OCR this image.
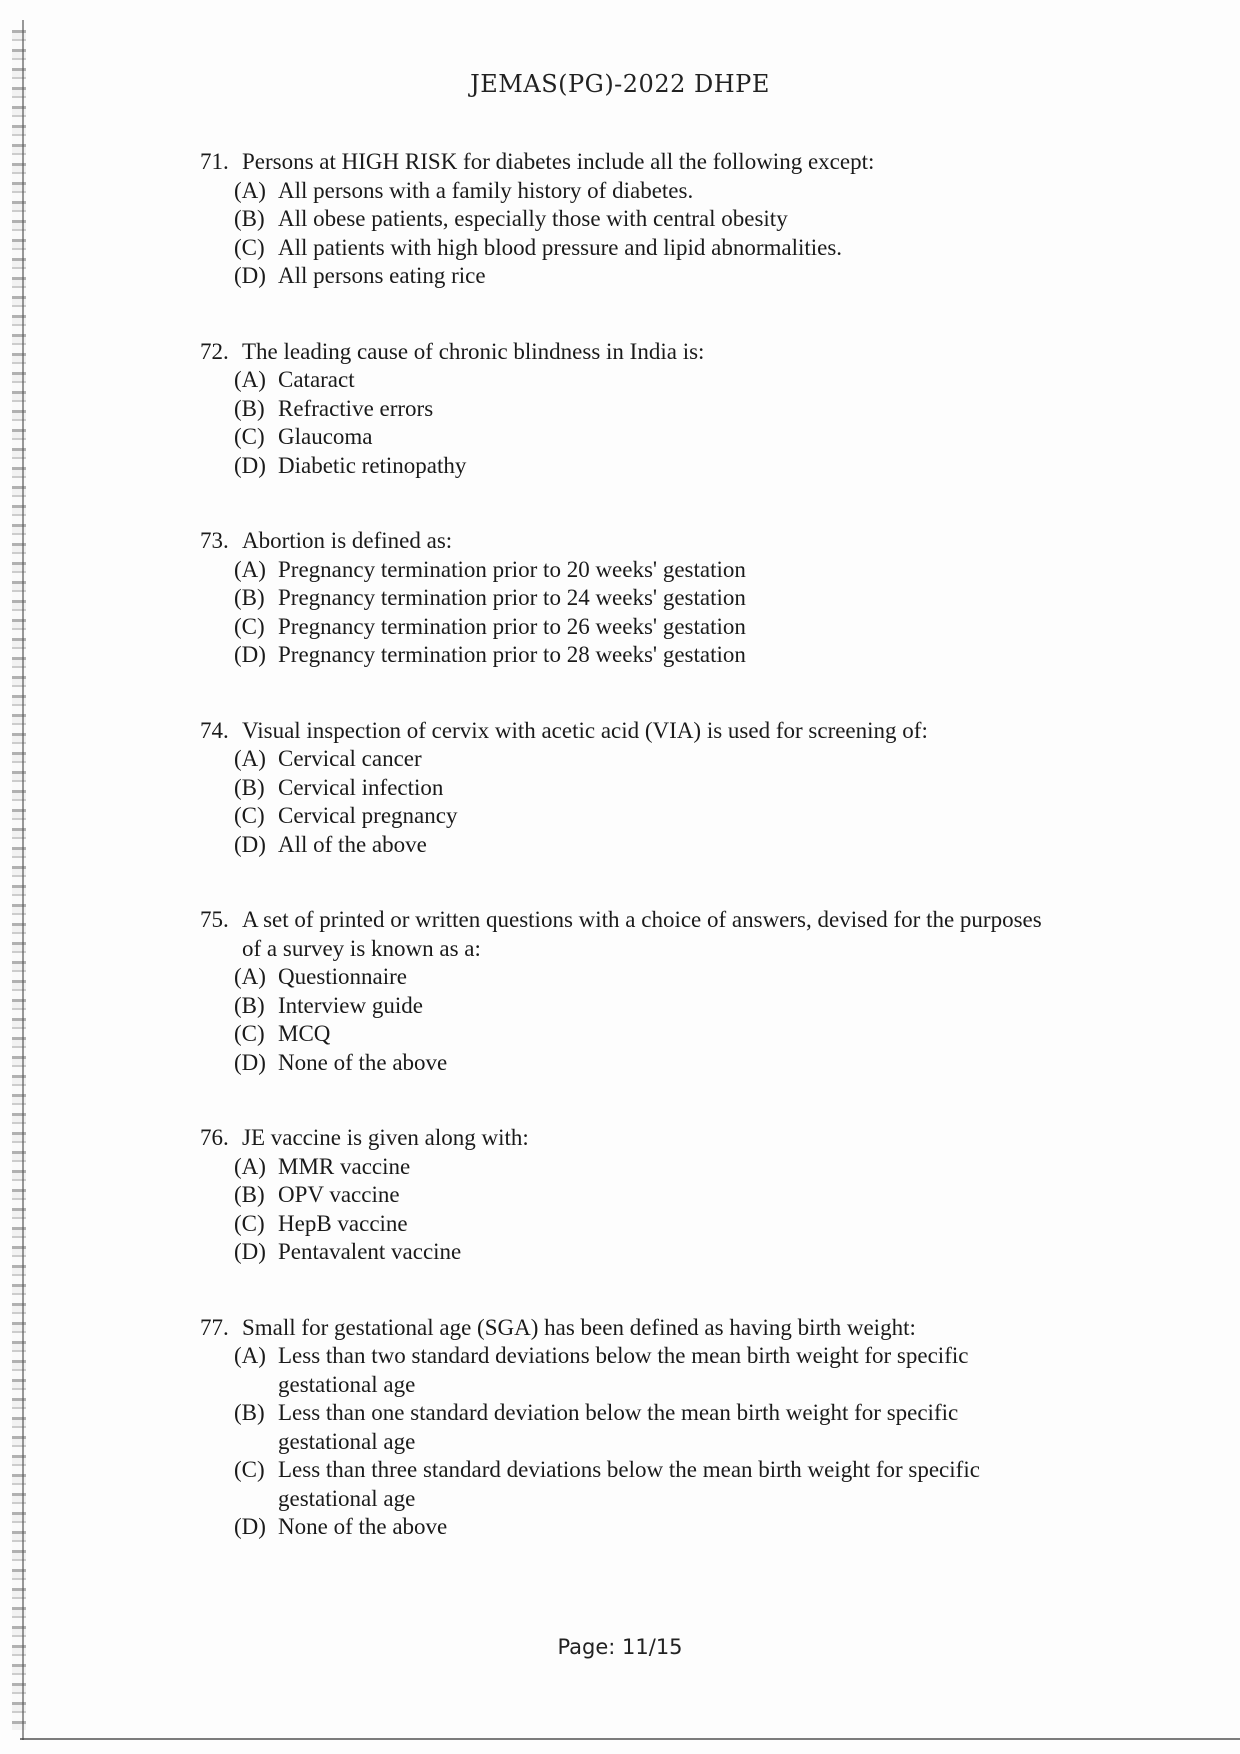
JEMAS(PG)-2022 DHPE
71. Persons at HIGH RISK for diabetes include all the following except:
(A) All persons with a family history of diabetes.
(B) All obese patients, especially those with central obesity
(C) All patients with high blood pressure and lipid abnormalities.
(D) All persons eating rice
72. The leading cause of chronic blindness in India is:
(A) Cataract
(B) Refractive errors
(C) Glaucoma
(D) Diabetic retinopathy
73. Abortion is defined as:
(A) Pregnancy termination prior to 20 weeks' gestation
(B) Pregnancy termination prior to 24 weeks' gestation
(C) Pregnancy termination prior to 26 weeks' gestation
(D) Pregnancy termination prior to 28 weeks' gestation
74. Visual inspection of cervix with acetic acid (VIA) is used for screening of:
(A) Cervical cancer
(B) Cervical infection
(C) Cervical pregnancy
(D) All of the above
75. A set of printed or written questions with a choice of answers, devised for the purposes of a survey is known as a:
(A) Questionnaire
(B) Interview guide
(C) MCQ
(D) None of the above
76. JE vaccine is given along with:
(A) MMR vaccine
(B) OPV vaccine
(C) HepB vaccine
(D) Pentavalent vaccine
77. Small for gestational age (SGA) has been defined as having birth weight:
(A) Less than two standard deviations below the mean birth weight for specific gestational age
(B) Less than one standard deviation below the mean birth weight for specific gestational age
(C) Less than three standard deviations below the mean birth weight for specific gestational age
(D) None of the above
Page: 11/15
